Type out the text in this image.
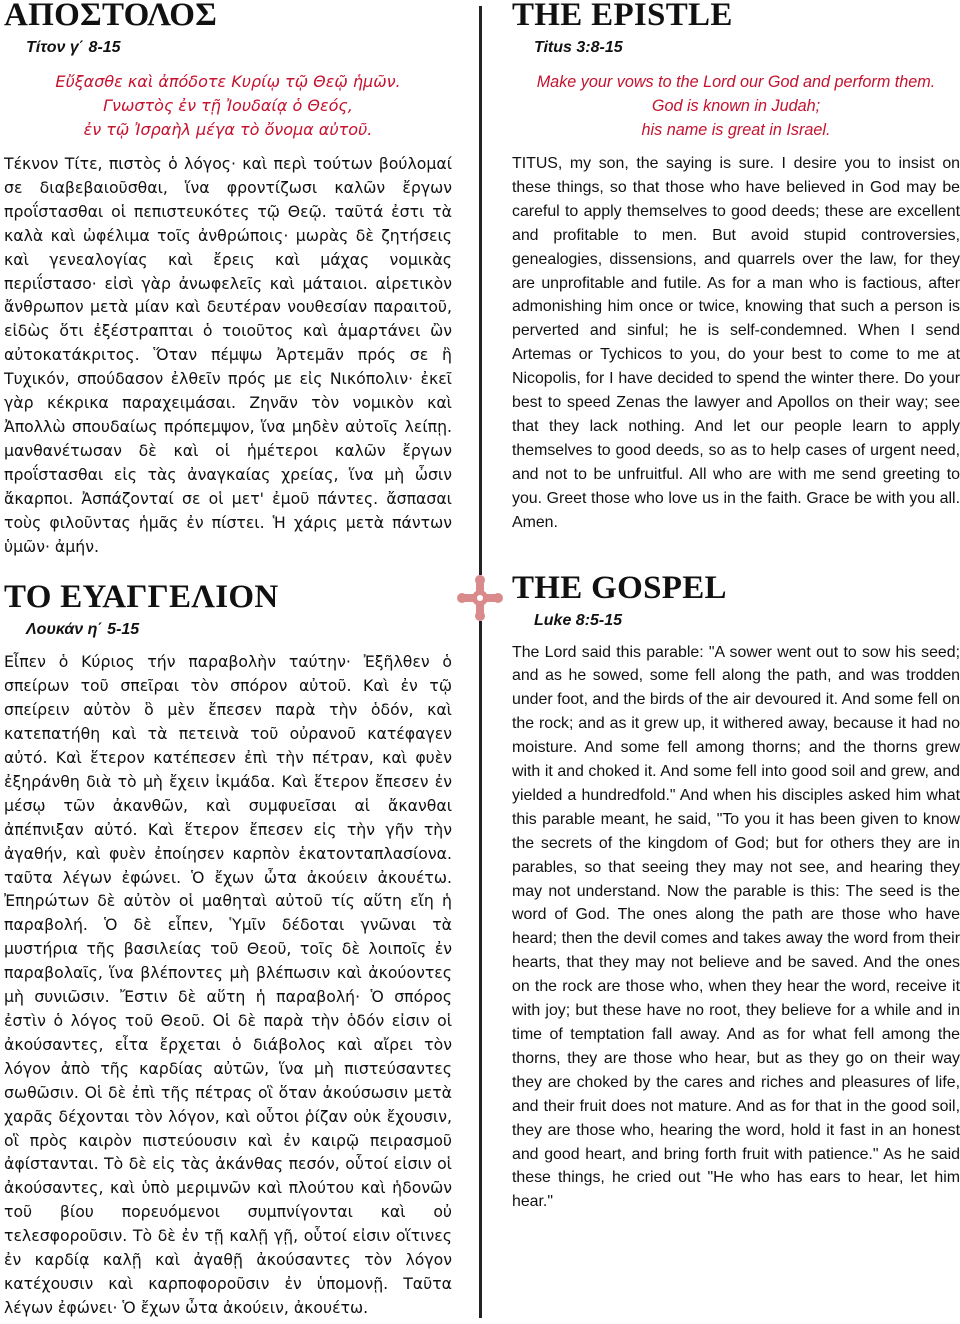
ΑΠΟΣΤΟΛΟΣ
Τίτον γ΄ 8-15
Εὔξασθε καὶ ἀπόδοτε Κυρίῳ τῷ Θεῷ ἡμῶν.
Γνωστὸς ἐν τῇ Ἰουδαίᾳ ὁ Θεός,
ἐν τῷ Ἰσραὴλ μέγα τὸ ὄνομα αὐτοῦ.

Τέκνον Τίτε, πιστὸς ὁ λόγος· καὶ περὶ τούτων βούλομαί σε διαβεβαιοῦσθαι, ἵνα φροντίζωσι καλῶν ἔργων προΐστασθαι οἱ πεπιστευκότες τῷ Θεῷ. ταῦτά ἐστι τὰ καλὰ καὶ ὠφέλιμα τοῖς ἀνθρώποις· μωρὰς δὲ ζητήσεις καὶ γενεαλογίας καὶ ἔρεις καὶ μάχας νομικὰς περιΐστασο· εἰσὶ γὰρ ἀνωφελεῖς καὶ μάταιοι. αἱρετικὸν ἄνθρωπον μετὰ μίαν καὶ δευτέραν νουθεσίαν παραιτοῦ, εἰδὼς ὅτι ἐξέστραπται ὁ τοιοῦτος καὶ ἁμαρτάνει ὢν αὐτοκατάκριτος. Ὅταν πέμψω Ἀρτεμᾶν πρός σε ἢ Τυχικόν, σπούδασον ἐλθεῖν πρός με εἰς Νικόπολιν· ἐκεῖ γὰρ κέκρικα παραχειμάσαι. Ζηνᾶν τὸν νομικὸν καὶ Ἀπολλὼ σπουδαίως πρόπεμψον, ἵνα μηδὲν αὐτοῖς λείπῃ. μανθανέτωσαν δὲ καὶ οἱ ἡμέτεροι καλῶν ἔργων προΐστασθαι εἰς τὰς ἀναγκαίας χρείας, ἵνα μὴ ὦσιν ἄκαρποι. Ἀσπάζονταί σε οἱ μετ' ἐμοῦ πάντες. ἄσπασαι τοὺς φιλοῦντας ἡμᾶς ἐν πίστει. Ἡ χάρις μετὰ πάντων ὑμῶν· ἀμήν.

ΤΟ ΕΥΑΓΓΕΛΙΟΝ
Λουκάν η΄ 5-15

Εἶπεν ὁ Κύριος τήν παραβολὴν ταύτην· Ἐξῆλθεν ὁ σπείρων τοῦ σπεῖραι τὸν σπόρον αὐτοῦ. Καὶ ἐν τῷ σπείρειν αὐτὸν ὃ μὲν ἔπεσεν παρὰ τὴν ὁδόν, καὶ κατεπατήθη καὶ τὰ πετεινὰ τοῦ οὐρανοῦ κατέφαγεν αὐτό. Καὶ ἕτερον κατέπεσεν ἐπὶ τὴν πέτραν, καὶ φυὲν ἐξηράνθη διὰ τὸ μὴ ἔχειν ἰκμάδα. Καὶ ἕτερον ἔπεσεν ἐν μέσῳ τῶν ἀκανθῶν, καὶ συμφυεῖσαι αἱ ἄκανθαι ἀπέπνιξαν αὐτό. Καὶ ἕτερον ἔπεσεν εἰς τὴν γῆν τὴν ἀγαθήν, καὶ φυὲν ἐποίησεν καρπὸν ἑκατονταπλασίονα. ταῦτα λέγων ἐφώνει. Ὁ ἔχων ὦτα ἀκούειν ἀκουέτω. Ἐπηρώτων δὲ αὐτὸν οἱ μαθηταὶ αὐτοῦ τίς αὕτη εἴη ἡ παραβολή. Ὁ δὲ εἶπεν, Ὑμῖν δέδοται γνῶναι τὰ μυστήρια τῆς βασιλείας τοῦ Θεοῦ, τοῖς δὲ λοιποῖς ἐν παραβολαῖς, ἵνα βλέποντες μὴ βλέπωσιν καὶ ἀκούοντες μὴ συνιῶσιν. Ἔστιν δὲ αὕτη ἡ παραβολή· Ὁ σπόρος ἐστὶν ὁ λόγος τοῦ Θεοῦ. Οἱ δὲ παρὰ τὴν ὁδόν εἰσιν οἱ ἀκούσαντες, εἶτα ἔρχεται ὁ διάβολος καὶ αἴρει τὸν λόγον ἀπὸ τῆς καρδίας αὐτῶν, ἵνα μὴ πιστεύσαντες σωθῶσιν. Οἱ δὲ ἐπὶ τῆς πέτρας οἳ ὅταν ἀκούσωσιν μετὰ χαρᾶς δέχονται τὸν λόγον, καὶ οὗτοι ῥίζαν οὐκ ἔχουσιν, οἳ πρὸς καιρὸν πιστεύουσιν καὶ ἐν καιρῷ πειρασμοῦ ἀφίστανται. Τὸ δὲ εἰς τὰς ἀκάνθας πεσόν, οὗτοί εἰσιν οἱ ἀκούσαντες, καὶ ὑπὸ μεριμνῶν καὶ πλούτου καὶ ἡδονῶν τοῦ βίου πορευόμενοι συμπνίγονται καὶ οὐ τελεσφοροῦσιν. Τὸ δὲ ἐν τῇ καλῇ γῇ, οὗτοί εἰσιν οἵτινες ἐν καρδίᾳ καλῇ καὶ ἀγαθῇ ἀκούσαντες τὸν λόγον κατέχουσιν καὶ καρποφοροῦσιν ἐν ὑπομονῇ. Ταῦτα λέγων ἐφώνει· Ὁ ἔχων ὦτα ἀκούειν, ἀκουέτω.

THE EPISTLE
Titus 3:8-15
Make your vows to the Lord our God and perform them.
God is known in Judah;
his name is great in Israel.

TITUS, my son, the saying is sure. I desire you to insist on these things, so that those who have believed in God may be careful to apply themselves to good deeds; these are excellent and profitable to men. But avoid stupid controversies, genealogies, dissensions, and quarrels over the law, for they are unprofitable and futile. As for a man who is factious, after admonishing him once or twice, knowing that such a person is perverted and sinful; he is self-condemned. When I send Artemas or Tychicos to you, do your best to come to me at Nicopolis, for I have decided to spend the winter there. Do your best to speed Zenas the lawyer and Apollos on their way; see that they lack nothing. And let our people learn to apply themselves to good deeds, so as to help cases of urgent need, and not to be unfruitful. All who are with me send greeting to you. Greet those who love us in the faith. Grace be with you all. Amen.

THE GOSPEL
Luke 8:5-15

The Lord said this parable: "A sower went out to sow his seed; and as he sowed, some fell along the path, and was trodden under foot, and the birds of the air devoured it. And some fell on the rock; and as it grew up, it withered away, because it had no moisture. And some fell among thorns; and the thorns grew with it and choked it. And some fell into good soil and grew, and yielded a hundredfold." And when his disciples asked him what this parable meant, he said, "To you it has been given to know the secrets of the kingdom of God; but for others they are in parables, so that seeing they may not see, and hearing they may not understand. Now the parable is this: The seed is the word of God. The ones along the path are those who have heard; then the devil comes and takes away the word from their hearts, that they may not believe and be saved. And the ones on the rock are those who, when they hear the word, receive it with joy; but these have no root, they believe for a while and in time of temptation fall away. And as for what fell among the thorns, they are those who hear, but as they go on their way they are choked by the cares and riches and pleasures of life, and their fruit does not mature. And as for that in the good soil, they are those who, hearing the word, hold it fast in an honest and good heart, and bring forth fruit with patience." As he said these things, he cried out "He who has ears to hear, let him hear."
